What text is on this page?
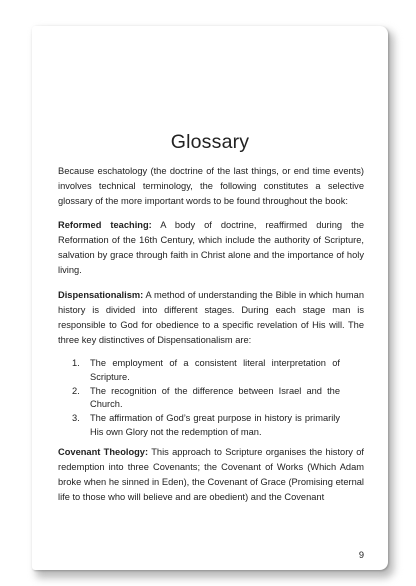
Glossary

Because eschatology (the doctrine of the last things, or end time events) involves technical terminology, the following constitutes a selective glossary of the more important words to be found throughout the book:

Reformed teaching: A body of doctrine, reaffirmed during the Reformation of the 16th Century, which include the authority of Scripture, salvation by grace through faith in Christ alone and the importance of holy living.

Dispensationalism: A method of understanding the Bible in which human history is divided into different stages. During each stage man is responsible to God for obedience to a specific revelation of His will. The three key distinctives of Dispensationalism are:

1. The employment of a consistent literal interpretation of Scripture.
2. The recognition of the difference between Israel and the Church.
3. The affirmation of God’s great purpose in history is primarily His own Glory not the redemption of man.

Covenant Theology: This approach to Scripture organises the history of redemption into three Covenants; the Covenant of Works (Which Adam broke when he sinned in Eden), the Covenant of Grace (Promising eternal life to those who will believe and are obedient) and the Covenant

9
